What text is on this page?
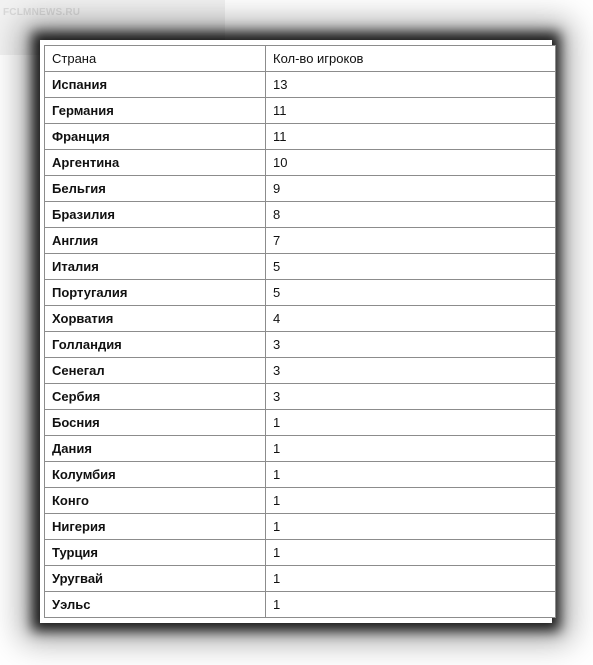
FCLMNEWS.RU
Страна	Кол-во игроков
Испания	13
Германия	11
Франция	11
Аргентина	10
Бельгия	9
Бразилия	8
Англия	7
Италия	5
Португалия	5
Хорватия	4
Голландия	3
Сенегал	3
Сербия	3
Босния	1
Дания	1
Колумбия	1
Конго	1
Нигерия	1
Турция	1
Уругвай	1
Уэльс	1
